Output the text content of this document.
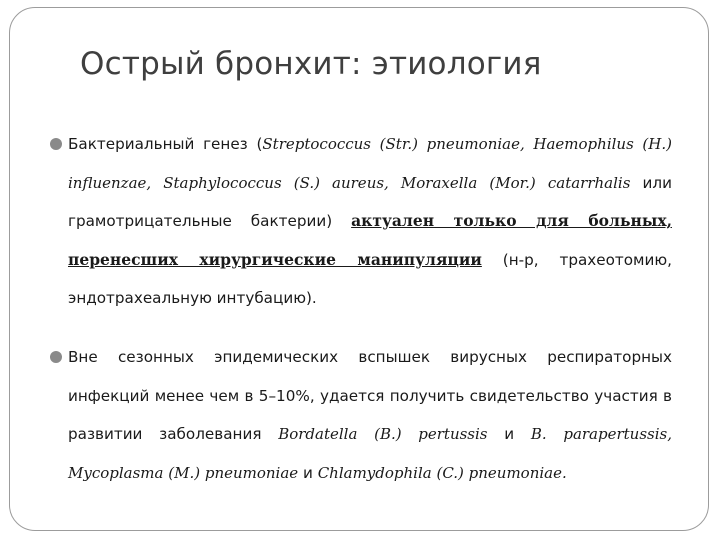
Острый бронхит: этиология
Бактериальный генез (Streptococcus (Str.) pneumoniae, Haemophilus (H.) influenzae, Staphylococcus (S.) aureus, Moraxella (Mor.) catarrhalis или грамотрицательные бактерии) актуален только для больных, перенесших хирургические манипуляции (н-р, трахеотомию, эндотрахеальную интубацию).
Вне сезонных эпидемических вспышек вирусных респираторных инфекций менее чем в 5–10%, удается получить свидетельство участия в развитии заболевания Bordatella (B.) pertussis и B. parapertussis, Mycoplasma (M.) pneumoniae и Chlamydophila (C.) pneumoniae.
